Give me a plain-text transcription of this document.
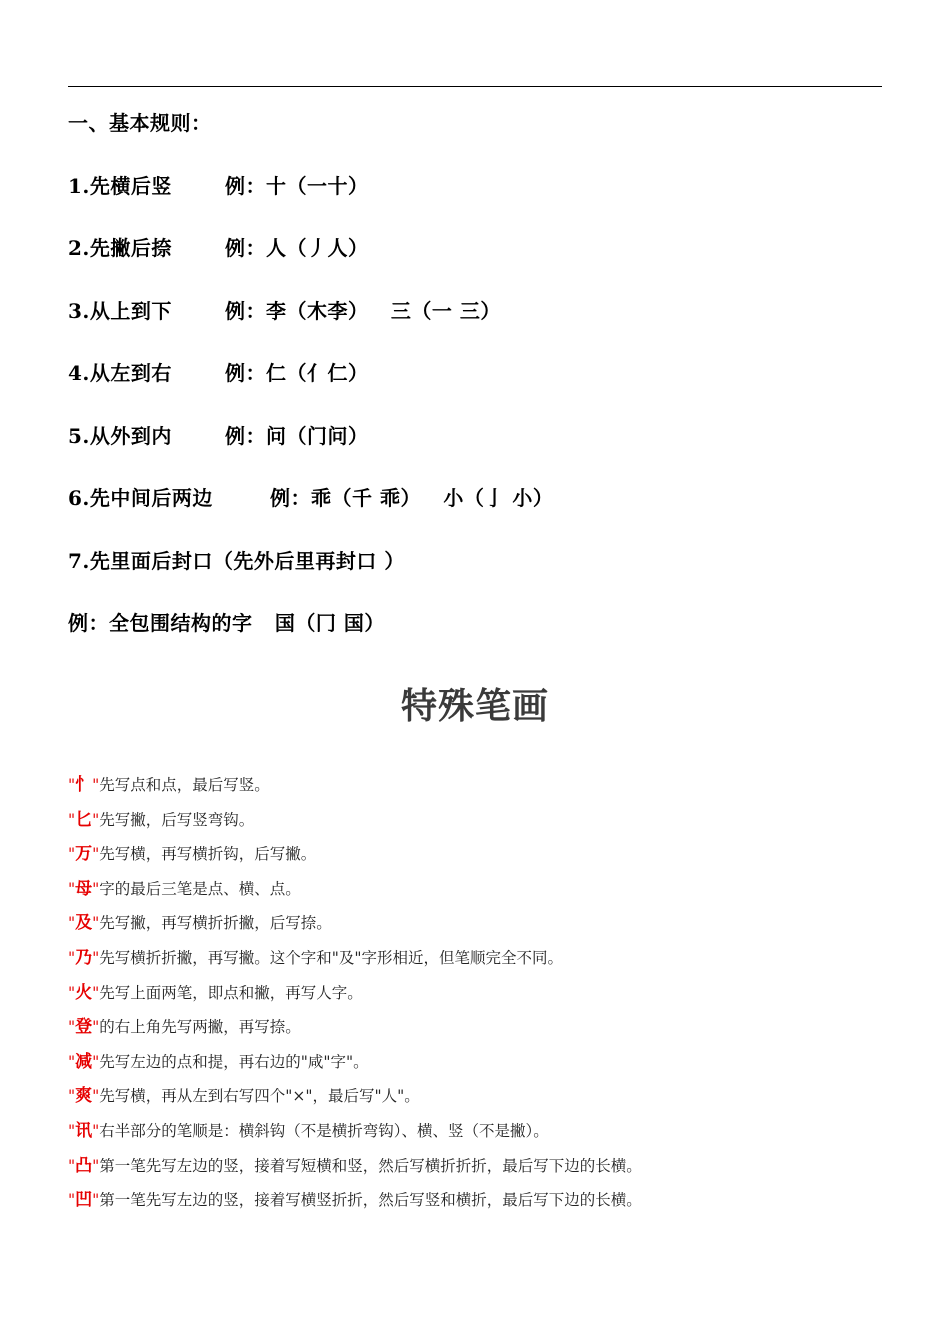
一、基本规则：
1.先横后竖	例：十（一十）
2.先撇后捺	例：人（丿人）
3.从上到下	例：李（木李）   三（一 三）
4.从左到右	例：仁（亻仁）
5.从外到内	例：问（门问）
6.先中间后两边	例：乖（千 乖）   小（亅 小）
7.先里面后封口（先外后里再封口 ）
例：全包围结构的字   国（冂 国）
特殊笔画
"忄"先写点和点，最后写竖。
"匕"先写撇，后写竖弯钩。
"万"先写横，再写横折钩，后写撇。
"母"字的最后三笔是点、横、点。
"及"先写撇，再写横折折撇，后写捺。
"乃"先写横折折撇，再写撇。这个字和"及"字形相近，但笔顺完全不同。
"火"先写上面两笔，即点和撇，再写人字。
"登"的右上角先写两撇，再写捺。
"减"先写左边的点和提，再右边的"咸"字"。
"爽"先写横，再从左到右写四个"×"，最后写"人"。
"讯"右半部分的笔顺是：横斜钩（不是横折弯钩）、横、竖（不是撇）。
"凸"第一笔先写左边的竖，接着写短横和竖，然后写横折折折，最后写下边的长横。
"凹"第一笔先写左边的竖，接着写横竖折折，然后写竖和横折，最后写下边的长横。
